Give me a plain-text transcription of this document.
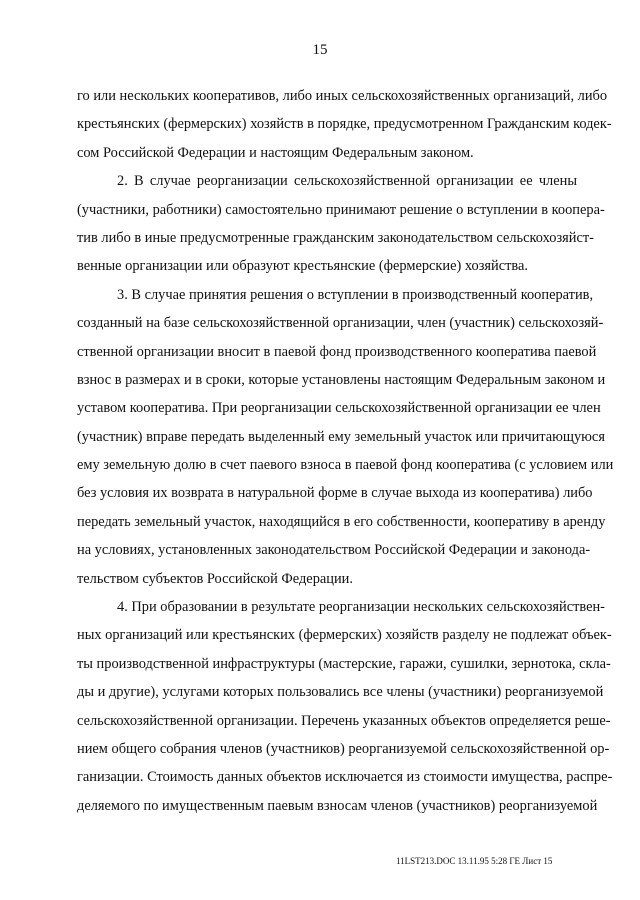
15
го или нескольких кооперативов, либо иных сельскохозяйственных организаций, либо
крестьянских (фермерских) хозяйств в порядке, предусмотренном Гражданским кодек-
сом Российской Федерации и настоящим Федеральным законом.
2. В случае реорганизации сельскохозяйственной организации ее члены
(участники, работники) самостоятельно принимают решение о вступлении в коопера-
тив либо в иные предусмотренные гражданским законодательством сельскохозяйст-
венные организации или образуют крестьянские (фермерские) хозяйства.
3. В случае принятия решения о вступлении в производственный кооператив,
созданный на базе сельскохозяйственной организации, член (участник) сельскохозяй-
ственной организации вносит в паевой фонд производственного кооператива паевой
взнос в размерах и в сроки, которые установлены настоящим Федеральным законом и
уставом кооператива. При реорганизации сельскохозяйственной организации ее член
(участник) вправе передать выделенный ему земельный участок или причитающуюся
ему земельную долю в счет паевого взноса в паевой фонд кооператива (с условием или
без условия их возврата в натуральной форме в случае выхода из кооператива) либо
передать земельный участок, находящийся в его собственности, кооперативу в аренду
на условиях, установленных законодательством Российской Федерации и законода-
тельством субъектов Российской Федерации.
4. При образовании в результате реорганизации нескольких сельскохозяйствен-
ных организаций или крестьянских (фермерских) хозяйств разделу не подлежат объек-
ты производственной инфраструктуры (мастерские, гаражи, сушилки, зернотока, скла-
ды и другие), услугами которых пользовались все члены (участники) реорганизуемой
сельскохозяйственной организации. Перечень указанных объектов определяется реше-
нием общего собрания членов (участников) реорганизуемой сельскохозяйственной ор-
ганизации. Стоимость данных объектов исключается из стоимости имущества, распре-
деляемого по имущественным паевым взносам членов (участников) реорганизуемой
11LST213.DOC 13.11.95 5:28 ГЕ Лист 15
